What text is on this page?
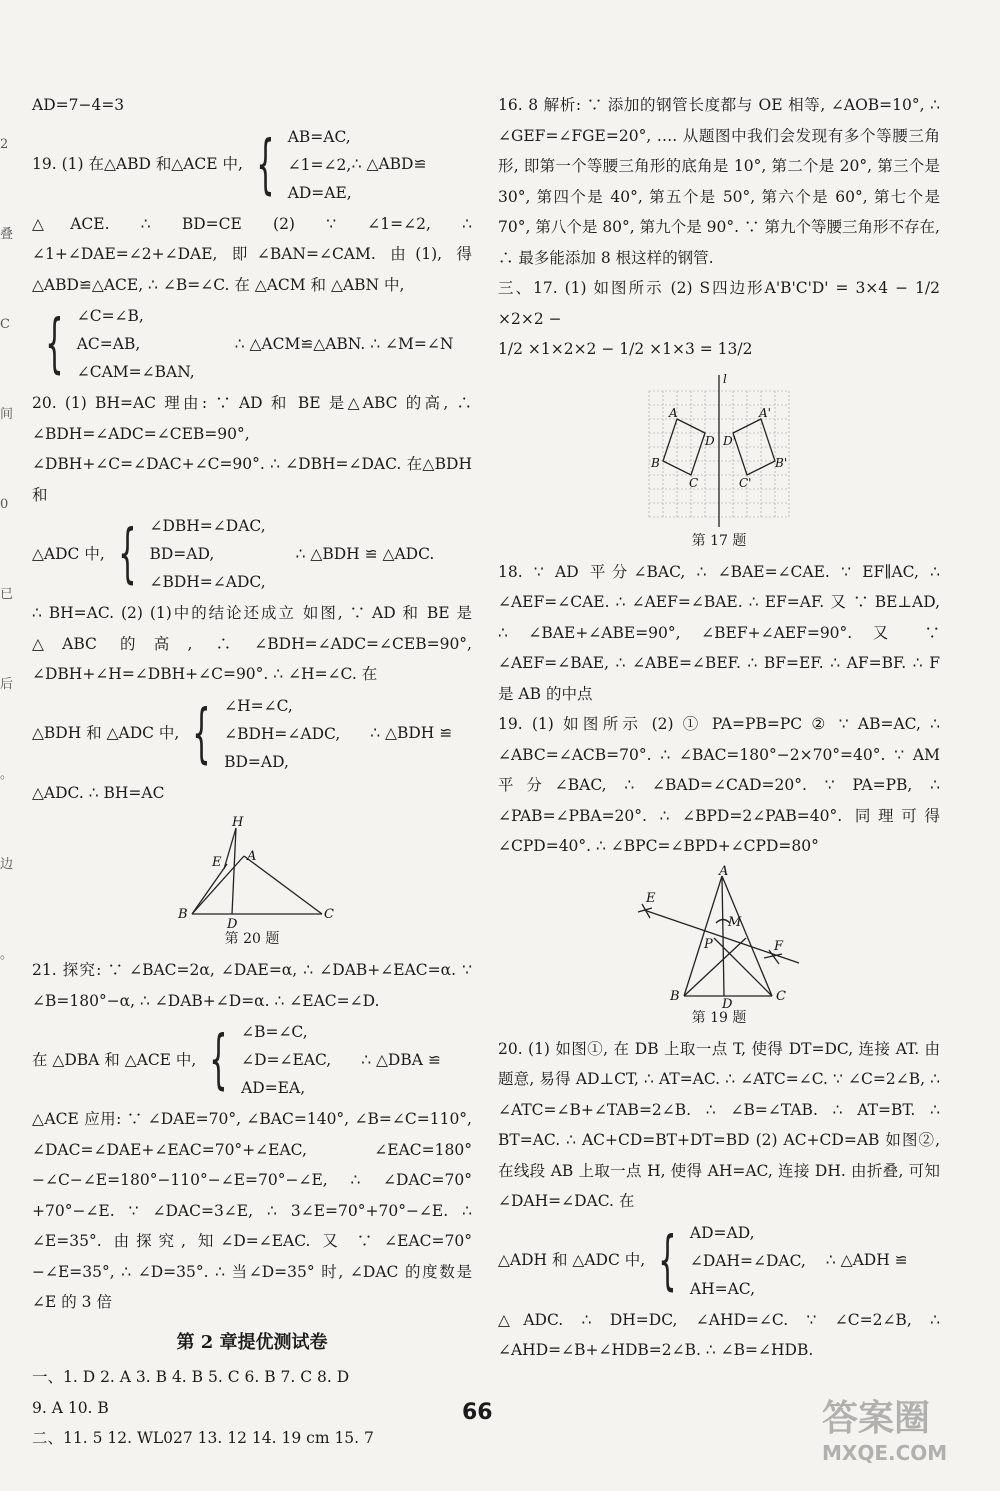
2
叠
C
间
0
已
后
。
边
。

AD=7−4=3

19. (1) 在△ABD 和△ACE 中, { AB=AC,
∠1=∠2,
AD=AE,
∴ △ABD≌

△ACE. ∴ BD=CE (2) ∵ ∠1=∠2, ∴ ∠1+∠DAE=∠2+∠DAE, 即∠BAN=∠CAM. 由(1), 得△ABD≌△ACE, ∴ ∠B=∠C. 在 △ACM 和 △ABN 中,

{ ∠C=∠B,
AC=AB,
∠CAM=∠BAN,
∴ △ACM≌△ABN. ∴ ∠M=∠N

20. (1) BH=AC 理由: ∵ AD 和 BE 是△ABC 的高, ∴ ∠BDH=∠ADC=∠CEB=90°, ∠DBH+∠C=∠DAC+∠C=90°. ∴ ∠DBH=∠DAC. 在△BDH 和

△ADC 中, { ∠DBH=∠DAC,
BD=AD,
∠BDH=∠ADC,
∴ △BDH ≌ △ADC.

∴ BH=AC. (2) (1)中的结论还成立 如图, ∵ AD 和 BE 是△ABC 的高, ∴ ∠BDH=∠ADC=∠CEB=90°, ∠DBH+∠H=∠DBH+∠C=90°. ∴ ∠H=∠C. 在

△BDH 和 △ADC 中, { ∠H=∠C,
∠BDH=∠ADC,
BD=AD,
∴ △BDH ≌

△ADC. ∴ BH=AC

H
E A
B
D
C
第 20 题

21. 探究: ∵ ∠BAC=2α, ∠DAE=α, ∴ ∠DAB+∠EAC=α. ∵ ∠B=180°−α, ∴ ∠DAB+∠D=α. ∴ ∠EAC=∠D.

在 △DBA 和 △ACE 中, { ∠B=∠C,
∠D=∠EAC,
AD=EA,
∴ △DBA ≌

△ACE 应用: ∵ ∠DAE=70°, ∠BAC=140°, ∠B=∠C=110°, ∠DAC=∠DAE+∠EAC=70°+∠EAC, ∠EAC=180°−∠C−∠E=180°−110°−∠E=70°−∠E, ∴ ∠DAC=70°+70°−∠E. ∵ ∠DAC=3∠E, ∴ 3∠E=70°+70°−∠E. ∴ ∠E=35°. 由探究, 知∠D=∠EAC. 又 ∵ ∠EAC=70°−∠E=35°, ∴ ∠D=35°. ∴ 当∠D=35° 时, ∠DAC 的度数是∠E 的 3 倍

第 2 章提优测试卷

一、1. D 2. A 3. B 4. B 5. C 6. B 7. C 8. D

9. A 10. B

二、11. 5 12. WL027 13. 12 14. 19 cm 15. 7

16. 8 解析: ∵ 添加的钢管长度都与 OE 相等, ∠AOB=10°, ∴ ∠GEF=∠FGE=20°, …. 从题图中我们会发现有多个等腰三角形, 即第一个等腰三角形的底角是 10°, 第二个是 20°, 第三个是 30°, 第四个是 40°, 第五个是 50°, 第六个是 60°, 第七个是 70°, 第八个是 80°, 第九个是 90°. ∵ 第九个等腰三角形不存在, ∴ 最多能添加 8 根这样的钢管.

三、17. (1) 如图所示 (2) S四边形A'B'C'D' = 3×4 − 1/2 ×2×2 −

1/2 ×1×2×2 − 1/2 ×1×3 = 13/2

l
A
D
B
C
A'
D'
B'
C'
第 17 题

18. ∵ AD 平分∠BAC, ∴ ∠BAE=∠CAE. ∵ EF∥AC, ∴ ∠AEF=∠CAE. ∴ ∠AEF=∠BAE. ∴ EF=AF. 又 ∵ BE⊥AD, ∴ ∠BAE+∠ABE=90°, ∠BEF+∠AEF=90°. 又 ∵ ∠AEF=∠BAE, ∴ ∠ABE=∠BEF. ∴ BF=EF. ∴ AF=BF. ∴ F 是 AB 的中点

19. (1) 如图所示 (2) ① PA=PB=PC ② ∵ AB=AC, ∴ ∠ABC=∠ACB=70°. ∴ ∠BAC=180°−2×70°=40°. ∵ AM 平分∠BAC, ∴ ∠BAD=∠CAD=20°. ∵ PA=PB, ∴ ∠PAB=∠PBA=20°. ∴ ∠BPD=2∠PAB=40°. 同理可得∠CPD=40°. ∴ ∠BPC=∠BPD+∠CPD=80°

A
E
M
P	F
B
D
C
第 19 题

20. (1) 如图①, 在 DB 上取一点 T, 使得 DT=DC, 连接 AT. 由题意, 易得 AD⊥CT, ∴ AT=AC. ∴ ∠ATC=∠C. ∵ ∠C=2∠B, ∴ ∠ATC=∠B+∠TAB=2∠B. ∴ ∠B=∠TAB. ∴ AT=BT. ∴ BT=AC. ∴ AC+CD=BT+DT=BD (2) AC+CD=AB 如图②, 在线段 AB 上取一点 H, 使得 AH=AC, 连接 DH. 由折叠, 可知∠DAH=∠DAC. 在

△ADH 和 △ADC 中, { AD=AD,
∠DAH=∠DAC,
AH=AC,
∴ △ADH ≌

△ADC. ∴ DH=DC, ∠AHD=∠C. ∵ ∠C=2∠B, ∴ ∠AHD=∠B+∠HDB=2∠B. ∴ ∠B=∠HDB.

66	答案圈
MXQE.COM
